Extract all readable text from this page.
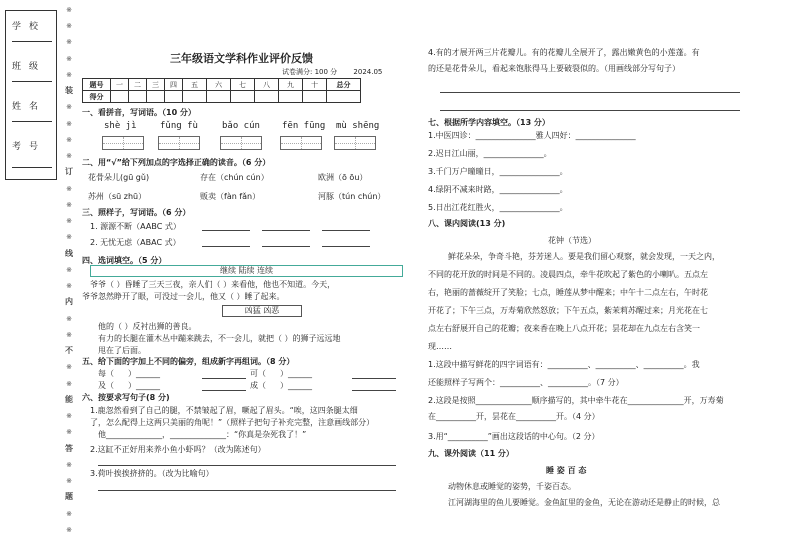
学校
班级
姓名
考号
※
※
※
※
※
装
※
※
※
※
订
※
※
※
※
线
※
※
内
※
※
不
※
※
能
※
※
答
※
※
题
※
※
三年级语文学科作业评价反馈
试卷满分: 100 分 2024.05
题号	一	二	三	四	五	六	七	八	九	十	总分
得分											
一、看拼音，写词语。（10 分）
shè jì	fǔng fù	bǎo cún fēn fūng mù shēng
二、用“√”给下列加点的字选择正确的读音。（6 分）
花骨朵儿(gū gǔ)	存在（chún cún）	欧洲（ō ōu）
苏州（sū zhū）	贩卖（fàn fǎn）	河豚（tún chún）
三、照样子，写词语。（6 分）
1. 源源不断（AABC 式）
2. 无忧无虑（ABAC 式）
四、选词填空。（5 分）
继续 陆续 连续
爷爷（ ）昏睡了三天三夜，亲人们（ ）来看他，他也不知道。今天，
爷爷忽然睁开了眼，可没过一会儿，他又（ ）睡了起来。
凶猛 凶恶
他的（ ）反衬出狮的善良。
有力的长腿在灌木丛中蹦来跳去，不一会儿，就把（ ）的狮子远远地
甩在了后面。
五、给下面的字加上不同的偏旁，组成新字再组词。（8 分）
每（ ）______	可（ ）______
及（ ）______	成（ ）______
六、按要求写句子(8 分)
1.鹿忽然看到了自己的腿，不禁皱起了眉，噘起了眉头。“唉，这四条腿太细
了，怎么配得上这两只美丽的角呢！”（照样子把句子补充完整，注意画线部分）
他______________，______________：“你真是杂死我了！”
2.这缸不正好用来养小鱼小虾吗？（改为陈述句）
3.荷叶挨挨挤挤的。（改为比喻句）
4.有的才展开两三片花瓣儿。有的花瓣儿全展开了，露出嫩黄色的小莲蓬。有
的还是花骨朵儿，看起来饱胀得马上要破裂似的。（用画线部分写句子）
七、根据所学内容填空。（13 分）
1.中医四诊：_______________雅人四好：_______________
2.迟日江山丽，_______________。
3.千门万户曈曈日，_______________。
4.绿阴不减来时路，_______________。
5.日出江花红胜火，_______________。
八、课内阅读(13 分)
花钟（节选）
鲜花朵朵，争奇斗艳，芬芳迷人。要是我们留心观察，就会发现，一天之内，
不同的花开放的时间是不同的。凌晨四点，牵牛花吹起了紫色的小喇叭。五点左
右，艳丽的蔷薇绽开了笑脸；七点，睡莲从梦中醒来；中午十二点左右，午时花
开花了；下午三点，万寿菊欣然怒放；下午五点，紫茉莉苏醒过来；月光花在七
点左右舒展开自己的花瓣；夜来香在晚上八点开花；昙花却在九点左右含笑一
现……
1.这段中描写鲜花的四字词语有：__________、__________、__________。我
还能照样子写两个：__________、__________。（7 分）
2.这段是按照______________顺序描写的，其中牵牛花在______________开，万寿菊
在__________开，昙花在__________开。（4 分）
3.用“__________”画出这段话的中心句。（2 分）
九、课外阅读（11 分）
睡 姿 百 态
动物休息或睡觉的姿势，千姿百态。
江河湖海里的鱼儿要睡觉。金鱼缸里的金鱼，无论在游动还是静止的时候，总
